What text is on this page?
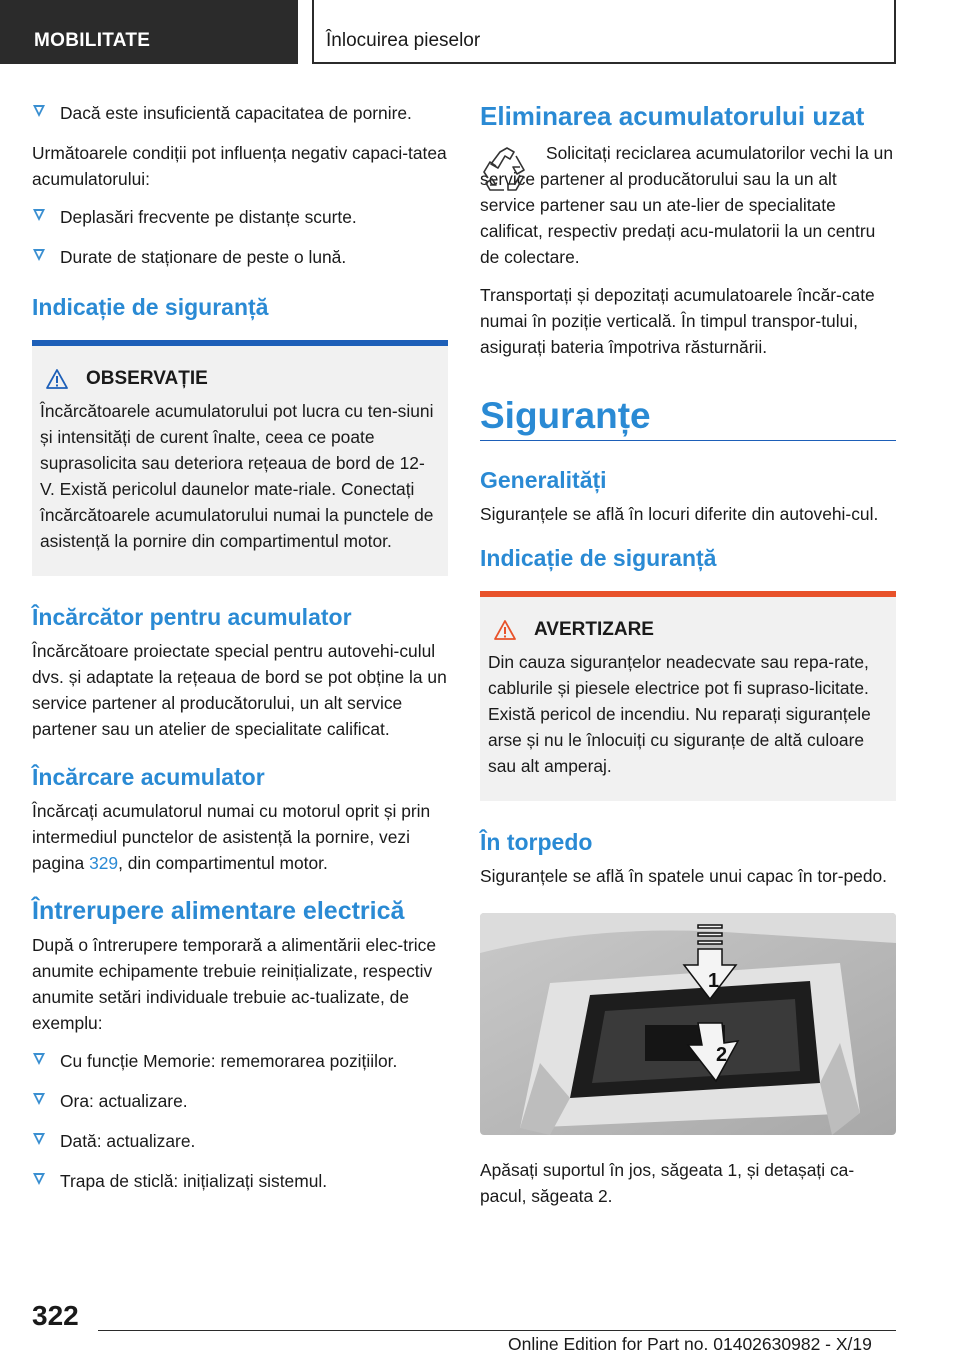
MOBILITATE	Înlocuirea pieselor
Dacă este insuficientă capacitatea de pornire.

Următoarele condiții pot influența negativ capaci-tatea acumulatorului:

Deplasări frecvente pe distanțe scurte.
Durate de staționare de peste o lună.
Indicație de siguranță
OBSERVAȚIE

Încărcătoarele acumulatorului pot lucra cu ten-siuni și intensități de curent înalte, ceea ce poate suprasolicita sau deteriora rețeaua de bord de 12-V. Există pericolul daunelor mate-riale. Conectați încărcătoarele acumulatorului numai la punctele de asistență la pornire din compartimentul motor.

Încărcător pentru acumulator

Încărcătoare proiectate special pentru autovehi-culul dvs. și adaptate la rețeaua de bord se pot obține la un service partener al producătorului, un alt service partener sau un atelier de specialitate calificat.

Încărcare acumulator

Încărcați acumulatorul numai cu motorul oprit și prin intermediul punctelor de asistență la pornire, vezi pagina 329, din compartimentul motor.

Întrerupere alimentare electrică

După o întrerupere temporară a alimentării elec-trice anumite echipamente trebuie reinițializate, respectiv anumite setări individuale trebuie ac-tualizate, de exemplu:

Cu funcție Memorie: rememorarea pozițiilor.
Ora: actualizare.
Dată: actualizare.
Trapa de sticlă: inițializați sistemul.
Eliminarea acumulatorului uzat

Solicitați reciclarea acumulatorilor vechi la un service partener al producătorului sau la un alt service partener sau un ate-lier de specialitate calificat, respectiv predați acu-mulatorii la un centru de colectare.

Transportați și depozitați acumulatoarele încăr-cate numai în poziție verticală. În timpul transpor-tului, asigurați bateria împotriva răsturnării.

Siguranțe
Generalități

Siguranțele se află în locuri diferite din autovehi-cul.

Indicație de siguranță
AVERTIZARE

Din cauza siguranțelor neadecvate sau repa-rate, cablurile și piesele electrice pot fi supraso-licitate. Există pericol de incendiu. Nu reparați siguranțele arse și nu le înlocuiți cu siguranțe de altă culoare sau alt amperaj.

În torpedo

Siguranțele se află în spatele unui capac în tor-pedo.

1
2

Apăsați suportul în jos, săgeata 1, și detașați ca-pacul, săgeata 2.

322
Online Edition for Part no. 01402630982 - X/19
